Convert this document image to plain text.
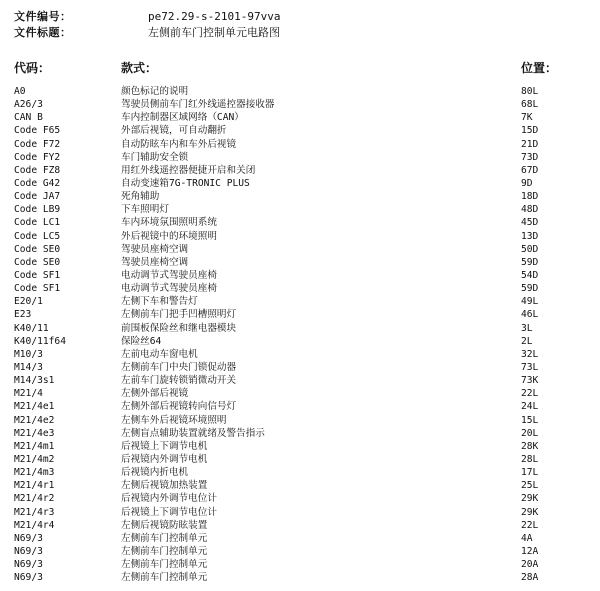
文件编号：	pe72.29-s-2101-97vva
文件标题：	左侧前车门控制单元电路图
代码：	款式：	位置：
A0	颜色标记的说明	80L
A26/3	驾驶员侧前车门红外线遥控器接收器	68L
CAN B	车内控制器区域网络（CAN）	7K
Code F65	外部后视镜，可自动翻折	15D
Code F72	自动防眩车内和车外后视镜	21D
Code FY2	车门辅助安全锁	73D
Code FZ8	用红外线遥控器便捷开启和关闭	67D
Code G42	自动变速箱7G-TRONIC PLUS	9D
Code JA7	死角辅助	18D
Code LB9	下车照明灯	48D
Code LC1	车内环境氛围照明系统	45D
Code LC5	外后视镜中的环境照明	13D
Code SE0	驾驶员座椅空调	50D
Code SE0	驾驶员座椅空调	59D
Code SF1	电动调节式驾驶员座椅	54D
Code SF1	电动调节式驾驶员座椅	59D
E20/1	左侧下车和警告灯	49L
E23	左侧前车门把手凹槽照明灯	46L
K40/11	前围板保险丝和继电器模块	3L
K40/11f64	保险丝64	2L
M10/3	左前电动车窗电机	32L
M14/3	左侧前车门中央门锁促动器	73L
M14/3s1	左前车门旋转锁销微动开关	73K
M21/4	左侧外部后视镜	22L
M21/4e1	左侧外部后视镜转向信号灯	24L
M21/4e2	左侧车外后视镜环境照明	15L
M21/4e3	左侧盲点辅助装置就绪及警告指示	20L
M21/4m1	后视镜上下调节电机	28K
M21/4m2	后视镜内外调节电机	28L
M21/4m3	后视镜内折电机	17L
M21/4r1	左侧后视镜加热装置	25L
M21/4r2	后视镜内外调节电位计	29K
M21/4r3	后视镜上下调节电位计	29K
M21/4r4	左侧后视镜防眩装置	22L
N69/3	左侧前车门控制单元	4A
N69/3	左侧前车门控制单元	12A
N69/3	左侧前车门控制单元	20A
N69/3	左侧前车门控制单元	28A
